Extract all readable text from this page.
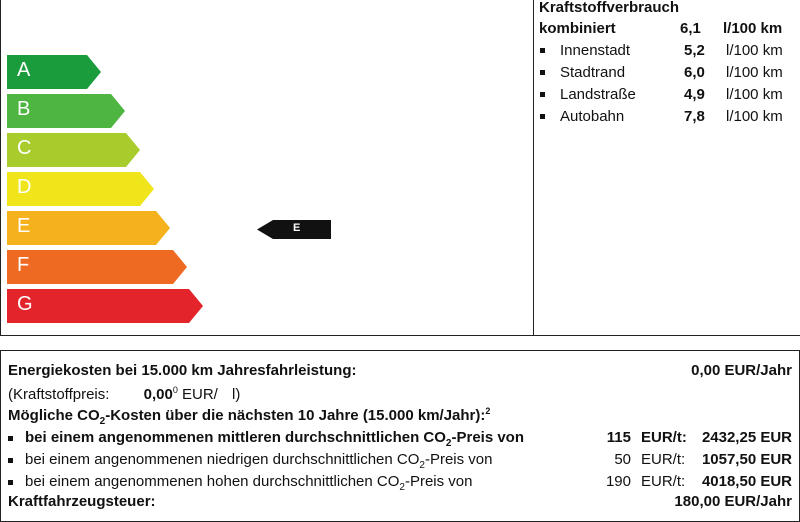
A
B
C
D
E
F
G
E
Kraftstoffverbrauch
kombiniert	6,1 l/100 km
Innenstadt	5,2 l/100 km
Stadtrand	6,0 l/100 km
Landstraße	4,9 l/100 km
Autobahn	7,8 l/100 km
Energiekosten bei 15.000 km Jahresfahrleistung:	0,00 EUR/Jahr
(Kraftstoffpreis: 0,00$^0$ EUR/ l)
Mögliche $CO_2$-Kosten über die nächsten 10 Jahre (15.000 km/Jahr):$^2$
bei einem angenommenen mittleren durchschnittlichen $CO_2$-Preis von	115 EUR/t: 2432,25 EUR
bei einem angenommenen niedrigen durchschnittlichen $CO_2$-Preis von	50 EUR/t: 1057,50 EUR
bei einem angenommenen hohen durchschnittlichen $CO_2$-Preis von	190 EUR/t: 4018,50 EUR
Kraftfahrzeugsteuer:	180,00 EUR/Jahr
